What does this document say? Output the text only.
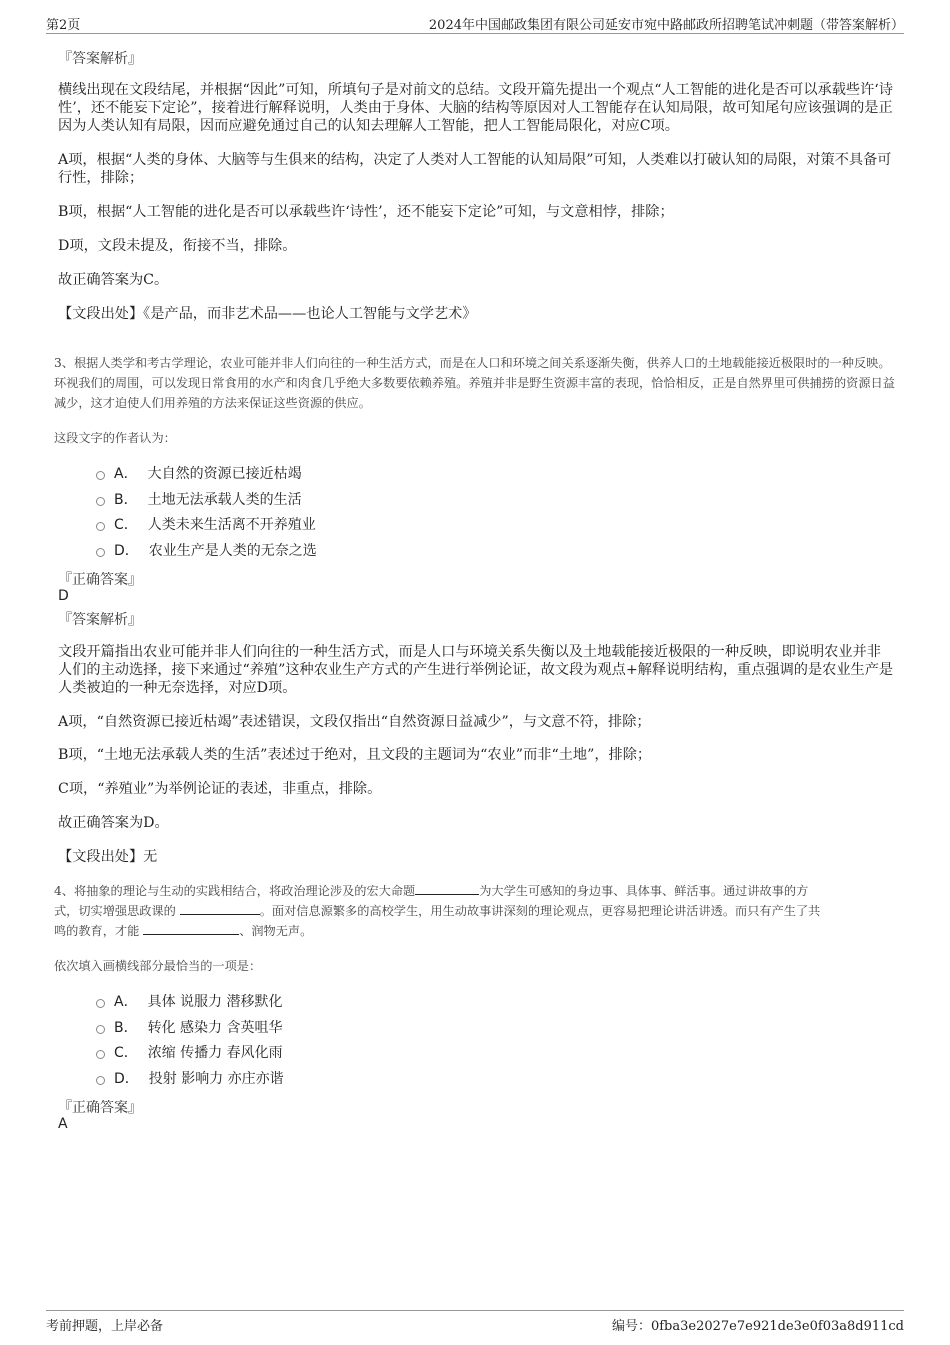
第2页	2024年中国邮政集团有限公司延安市宛中路邮政所招聘笔试冲刺题（带答案解析）
『答案解析』
横线出现在文段结尾，并根据“因此”可知，所填句子是对前文的总结。文段开篇先提出一个观点“人工智能的进化是否可以承载些许‘诗性’，还不能妄下定论”，接着进行解释说明，人类由于身体、大脑的结构等原因对人工智能存在认知局限，故可知尾句应该强调的是正因为人类认知有局限，因而应避免通过自己的认知去理解人工智能，把人工智能局限化，对应C项。
A项，根据“人类的身体、大脑等与生俱来的结构，决定了人类对人工智能的认知局限”可知，人类难以打破认知的局限，对策不具备可行性，排除；
B项，根据“人工智能的进化是否可以承载些许‘诗性’，还不能妄下定论”可知，与文意相悖，排除；
D项，文段未提及，衔接不当，排除。
故正确答案为C。
【文段出处】《是产品，而非艺术品——也论人工智能与文学艺术》
3、根据人类学和考古学理论，农业可能并非人们向往的一种生活方式，而是在人口和环境之间关系逐渐失衡，供养人口的土地载能接近极限时的一种反映。环视我们的周围，可以发现日常食用的水产和肉食几乎绝大多数要依赖养殖。养殖并非是野生资源丰富的表现，恰恰相反，正是自然界里可供捕捞的资源日益减少，这才迫使人们用养殖的方法来保证这些资源的供应。
这段文字的作者认为：
A． 大自然的资源已接近枯竭
B． 土地无法承载人类的生活
C． 人类未来生活离不开养殖业
D． 农业生产是人类的无奈之选
『正确答案』
D
『答案解析』
文段开篇指出农业可能并非人们向往的一种生活方式，而是人口与环境关系失衡以及土地载能接近极限的一种反映，即说明农业并非人们的主动选择，接下来通过“养殖”这种农业生产方式的产生进行举例论证，故文段为观点+解释说明结构，重点强调的是农业生产是人类被迫的一种无奈选择，对应D项。
A项，“自然资源已接近枯竭”表述错误，文段仅指出“自然资源日益减少”，与文意不符，排除；
B项，“土地无法承载人类的生活”表述过于绝对，且文段的主题词为“农业”而非“土地”，排除；
C项，“养殖业”为举例论证的表述，非重点，排除。
故正确答案为D。
【文段出处】无
4、将抽象的理论与生动的实践相结合，将政治理论涉及的宏大命题	为大学生可感知的身边事、具体事、鲜活事。通过讲故事的方
式，切实增强思政课的	。面对信息源繁多的高校学生，用生动故事讲深刻的理论观点，更容易把理论讲活讲透。而只有产生了共
鸣的教育，才能	、润物无声。
依次填入画横线部分最恰当的一项是：
A． 具体 说服力 潜移默化
B． 转化 感染力 含英咀华
C． 浓缩 传播力 春风化雨
D． 投射 影响力 亦庄亦谐
『正确答案』
A
考前押题，上岸必备	编号：0fba3e2027e7e921de3e0f03a8d911cd
